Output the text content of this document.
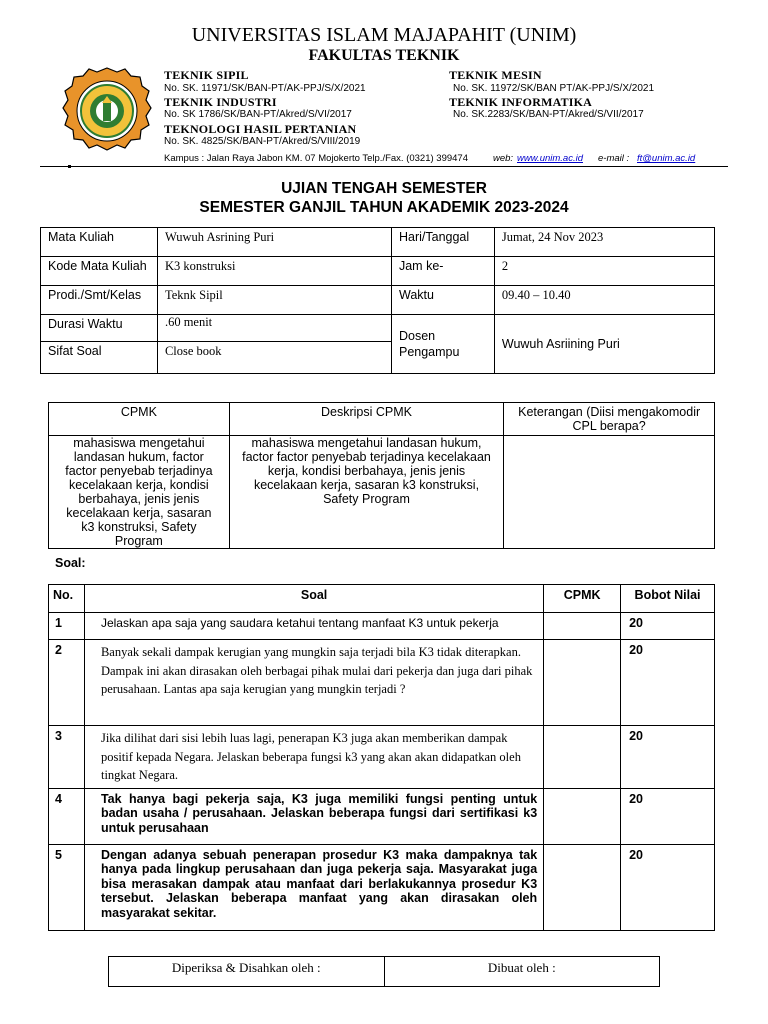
UNIVERSITAS ISLAM MAJAPAHIT (UNIM)
FAKULTAS TEKNIK
TEKNIK SIPIL
No. SK. 11971/SK/BAN-PT/AK-PPJ/S/X/2021
TEKNIK INDUSTRI
No. SK 1786/SK/BAN-PT/Akred/S/VI/2017
TEKNOLOGI HASIL PERTANIAN
No. SK. 4825/SK/BAN-PT/Akred/S/VIII/2019
TEKNIK MESIN
No. SK. 11972/SK/BAN PT/AK-PPJ/S/X/2021
TEKNIK INFORMATIKA
No. SK.2283/SK/BAN-PT/Akred/S/VII/2017
Kampus : Jalan Raya Jabon KM. 07 Mojokerto Telp./Fax. (0321) 399474	web: www.unim.ac.id e-mail : ft@unim.ac.id
UJIAN TENGAH SEMESTER
SEMESTER GANJIL TAHUN AKADEMIK 2023-2024
Mata Kuliah	Wuwuh Asrining Puri	Hari/Tanggal	Jumat, 24 Nov 2023
Kode Mata Kuliah	K3 konstruksi	Jam ke-	2
Prodi./Smt/Kelas	Teknk Sipil	Waktu	09.40 – 10.40
Durasi Waktu	.60 menit	Dosen Pengampu	Wuwuh Asriining Puri
Sifat Soal	Close book		
CPMK	Deskripsi CPMK	Keterangan (Diisi mengakomodir CPL berapa?
mahasiswa mengetahui landasan hukum, factor factor penyebab terjadinya kecelakaan kerja, kondisi berbahaya, jenis jenis kecelakaan kerja, sasaran k3 konstruksi, Safety Program	mahasiswa mengetahui landasan hukum, factor factor penyebab terjadinya kecelakaan kerja, kondisi berbahaya, jenis jenis kecelakaan kerja, sasaran k3 konstruksi, Safety Program	
Soal:
No.	Soal	CPMK	Bobot Nilai
1	Jelaskan apa saja yang saudara ketahui tentang manfaat K3 untuk pekerja		20
2	Banyak sekali dampak kerugian yang mungkin saja terjadi bila K3 tidak diterapkan. Dampak ini akan dirasakan oleh berbagai pihak mulai dari pekerja dan juga dari pihak perusahaan. Lantas apa saja kerugian yang mungkin terjadi ?		20
3	Jika dilihat dari sisi lebih luas lagi, penerapan K3 juga akan memberikan dampak positif kepada Negara. Jelaskan beberapa fungsi k3 yang akan akan didapatkan oleh tingkat Negara.		20
4	Tak hanya bagi pekerja saja, K3 juga memiliki fungsi penting untuk badan usaha / perusahaan. Jelaskan beberapa fungsi dari sertifikasi k3 untuk perusahaan		20
5	Dengan adanya sebuah penerapan prosedur K3 maka dampaknya tak hanya pada lingkup perusahaan dan juga pekerja saja. Masyarakat juga bisa merasakan dampak atau manfaat dari berlakukannya prosedur K3 tersebut. Jelaskan beberapa manfaat yang akan dirasakan oleh masyarakat sekitar.		20
Diperiksa & Disahkan oleh :	Dibuat oleh :
